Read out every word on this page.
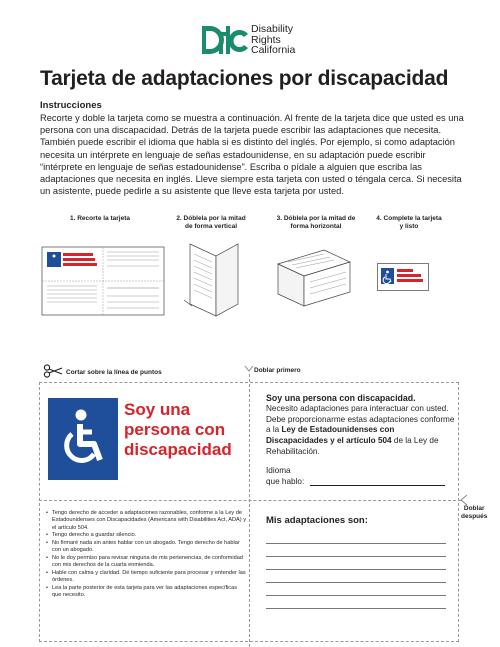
Disability
Rights
California
Tarjeta de adaptaciones por discapacidad
Instrucciones
Recorte y doble la tarjeta como se muestra a continuación. Al frente de la tarjeta dice que usted es una persona con una discapacidad. Detrás de la tarjeta puede escribir las adaptaciones que necesita. También puede escribir el idioma que habla si es distinto del inglés. Por ejemplo, si como adaptación necesita un intérprete en lenguaje de señas estadounidense, en su adaptación puede escribir “intérprete en lenguaje de señas estadounidense”. Escriba o pídale a alguien que escriba las adaptaciones que necesita en inglés. Lleve siempre esta tarjeta con usted o téngala cerca. Si necesita un asistente, puede pedirle a su asistente que lleve esta tarjeta por usted.
1. Recorte la tarjeta	2. Dóblela por la mitad
de forma vertical
3. Dóblela por la mitad de
forma horizontal
4. Complete la tarjeta
y listo
Cortar sobre la línea de puntos	Doblar primero
Doblar
después
Soy una
persona con
discapacidad
• Tengo derecho de acceder a adaptaciones razonables, conforme a la Ley de Estadounidenses con Discapacidades (Americans with Disabilities Act, ADA) y el artículo 504.
• Tengo derecho a guardar silencio.
• No firmaré nada sin antes hablar con un abogado. Tengo derecho de hablar con un abogado.
• No le doy permiso para revisar ninguna de mis pertenencias, de conformidad con mis derechos de la cuarta enmienda.
• Hable con calma y claridad. Dé tiempo suficiente para procesar y entender las órdenes.
• Lea la parte posterior de esta tarjeta para ver las adaptaciones específicas que necesito.
Soy una persona con discapacidad.
Necesito adaptaciones para interactuar con usted. Debe proporcionarme estas adaptaciones conforme a la Ley de Estadounidenses con Discapacidades y el artículo 504 de la Ley de Rehabilitación.
Idioma
que hablo:
Mis adaptaciones son:
